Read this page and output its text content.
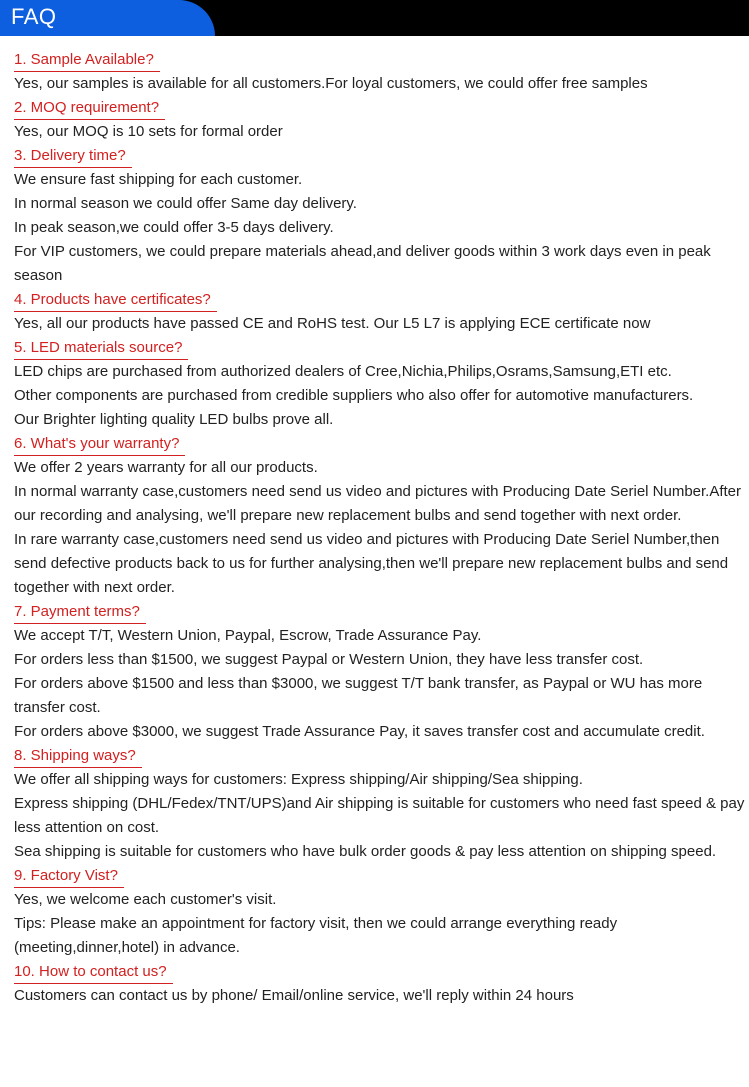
FAQ
1. Sample Available?

Yes, our samples is available for all customers.For loyal customers, we could offer free samples

2. MOQ requirement?

Yes, our MOQ is 10 sets for formal order

3. Delivery time?

We ensure fast shipping for each customer.

In normal season we could offer Same day delivery.

In peak season,we could offer 3-5 days delivery.

For VIP customers, we could prepare materials ahead,and deliver goods within 3 work days even in peak season

4. Products have certificates?

Yes, all our products have passed CE and RoHS test. Our L5 L7 is applying ECE certificate now

5. LED materials source?

LED chips are purchased from authorized dealers of Cree,Nichia,Philips,Osrams,Samsung,ETI etc.

Other components are purchased from credible suppliers who also offer for automotive manufacturers.

Our Brighter lighting quality LED bulbs prove all.

6. What's your warranty?

We offer 2 years warranty for all our products.

In normal warranty case,customers need send us video and pictures with Producing Date Seriel Number.After our recording and analysing, we'll prepare new replacement bulbs and send together with next order.

In rare warranty case,customers need send us video and pictures with Producing Date Seriel Number,then send defective products back to us for further analysing,then we'll prepare new replacement bulbs and send together with next order.

7. Payment terms?

We accept T/T, Western Union, Paypal, Escrow, Trade Assurance Pay.

For orders less than $1500, we suggest Paypal or Western Union, they have less transfer cost.

For orders above $1500 and less than $3000, we suggest T/T bank transfer, as Paypal or WU has more transfer cost.

For orders above $3000, we suggest Trade Assurance Pay, it saves transfer cost and accumulate credit.

8. Shipping ways?

We offer all shipping ways for customers: Express shipping/Air shipping/Sea shipping.

Express shipping (DHL/Fedex/TNT/UPS)and Air shipping is suitable for customers who need fast speed & pay less attention on cost.

Sea shipping is suitable for customers who have bulk order goods & pay less attention on shipping speed.

9. Factory Vist?

Yes, we welcome each customer's visit.

Tips: Please make an appointment for factory visit, then we could arrange everything ready (meeting,dinner,hotel) in advance.

10. How to contact us?

Customers can contact us by phone/ Email/online service, we'll reply within 24 hours
